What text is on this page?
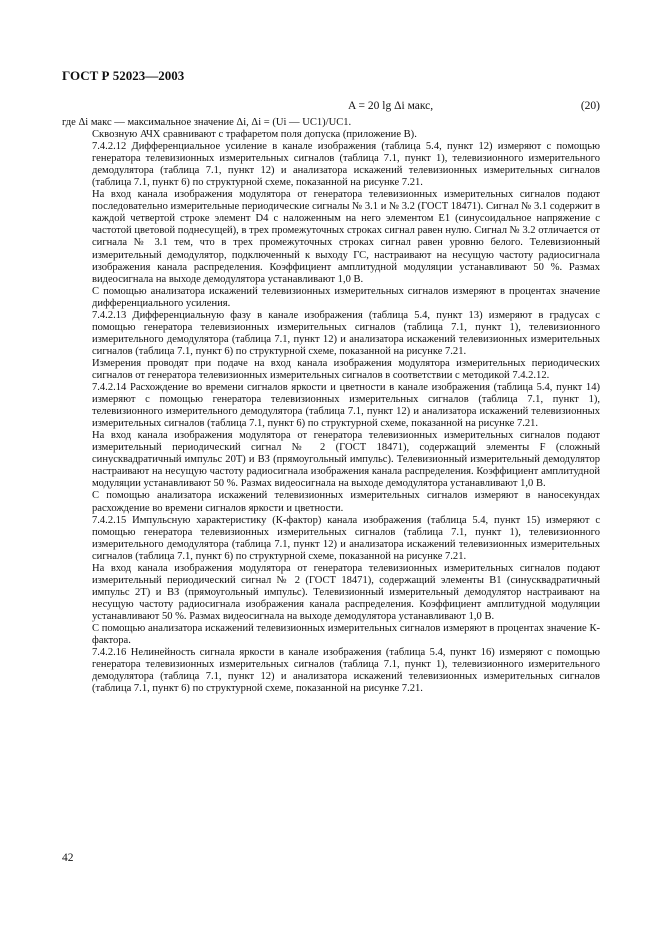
ГОСТ Р 52023—2003
A = 20 lg Δi макс,	(20)

где Δi макс — максимальное значение Δi, Δi = (Ui — UC1)/UC1.

Сквозную АЧХ сравнивают с трафаретом поля допуска (приложение В).

7.4.2.12 Дифференциальное усиление в канале изображения (таблица 5.4, пункт 12) измеряют с помощью генератора телевизионных измерительных сигналов (таблица 7.1, пункт 1), телевизионного измерительного демодулятора (таблица 7.1, пункт 12) и анализатора искажений телевизионных измерительных сигналов (таблица 7.1, пункт 6) по структурной схеме, показанной на рисунке 7.21.

На вход канала изображения модулятора от генератора телевизионных измерительных сигналов подают последовательно измерительные периодические сигналы № 3.1 и № 3.2 (ГОСТ 18471). Сигнал № 3.1 содержит в каждой четвертой строке элемент D4 с наложенным на него элементом E1 (синусоидальное напряжение с частотой цветовой поднесущей), в трех промежуточных строках сигнал равен нулю. Сигнал № 3.2 отличается от сигнала № 3.1 тем, что в трех промежуточных строках сигнал равен уровню белого. Телевизионный измерительный демодулятор, подключенный к выходу ГС, настраивают на несущую частоту радиосигнала изображения канала распределения. Коэффициент амплитудной модуляции устанавливают 50 %. Размах видеосигнала на выходе демодулятора устанавливают 1,0 В.

С помощью анализатора искажений телевизионных измерительных сигналов измеряют в процентах значение дифференциального усиления.

7.4.2.13 Дифференциальную фазу в канале изображения (таблица 5.4, пункт 13) измеряют в градусах с помощью генератора телевизионных измерительных сигналов (таблица 7.1, пункт 1), телевизионного измерительного демодулятора (таблица 7.1, пункт 12) и анализатора искажений телевизионных измерительных сигналов (таблица 7.1, пункт 6) по структурной схеме, показанной на рисунке 7.21.

Измерения проводят при подаче на вход канала изображения модулятора измерительных периодических сигналов от генератора телевизионных измерительных сигналов в соответствии с методикой 7.4.2.12.

7.4.2.14 Расхождение во времени сигналов яркости и цветности в канале изображения (таблица 5.4, пункт 14) измеряют с помощью генератора телевизионных измерительных сигналов (таблица 7.1, пункт 1), телевизионного измерительного демодулятора (таблица 7.1, пункт 12) и анализатора искажений телевизионных измерительных сигналов (таблица 7.1, пункт 6) по структурной схеме, показанной на рисунке 7.21.

На вход канала изображения модулятора от генератора телевизионных измерительных сигналов подают измерительный периодический сигнал № 2 (ГОСТ 18471), содержащий элементы F (сложный синусквадратичный импульс 20Т) и ВЗ (прямоугольный импульс). Телевизионный измерительный демодулятор настраивают на несущую частоту радиосигнала изображения канала распределения. Коэффициент амплитудной модуляции устанавливают 50 %. Размах видеосигнала на выходе демодулятора устанавливают 1,0 В.

С помощью анализатора искажений телевизионных измерительных сигналов измеряют в наносекундах расхождение во времени сигналов яркости и цветности.

7.4.2.15 Импульсную характеристику (К-фактор) канала изображения (таблица 5.4, пункт 15) измеряют с помощью генератора телевизионных измерительных сигналов (таблица 7.1, пункт 1), телевизионного измерительного демодулятора (таблица 7.1, пункт 12) и анализатора искажений телевизионных измерительных сигналов (таблица 7.1, пункт 6) по структурной схеме, показанной на рисунке 7.21.

На вход канала изображения модулятора от генератора телевизионных измерительных сигналов подают измерительный периодический сигнал № 2 (ГОСТ 18471), содержащий элементы В1 (синусквадратичный импульс 2Т) и ВЗ (прямоугольный импульс). Телевизионный измерительный демодулятор настраивают на несущую частоту радиосигнала изображения канала распределения. Коэффициент амплитудной модуляции устанавливают 50 %. Размах видеосигнала на выходе демодулятора устанавливают 1,0 В.

С помощью анализатора искажений телевизионных измерительных сигналов измеряют в процентах значение К-фактора.

7.4.2.16 Нелинейность сигнала яркости в канале изображения (таблица 5.4, пункт 16) измеряют с помощью генератора телевизионных измерительных сигналов (таблица 7.1, пункт 1), телевизионного измерительного демодулятора (таблица 7.1, пункт 12) и анализатора искажений телевизионных измерительных сигналов (таблица 7.1, пункт 6) по структурной схеме, показанной на рисунке 7.21.

42
